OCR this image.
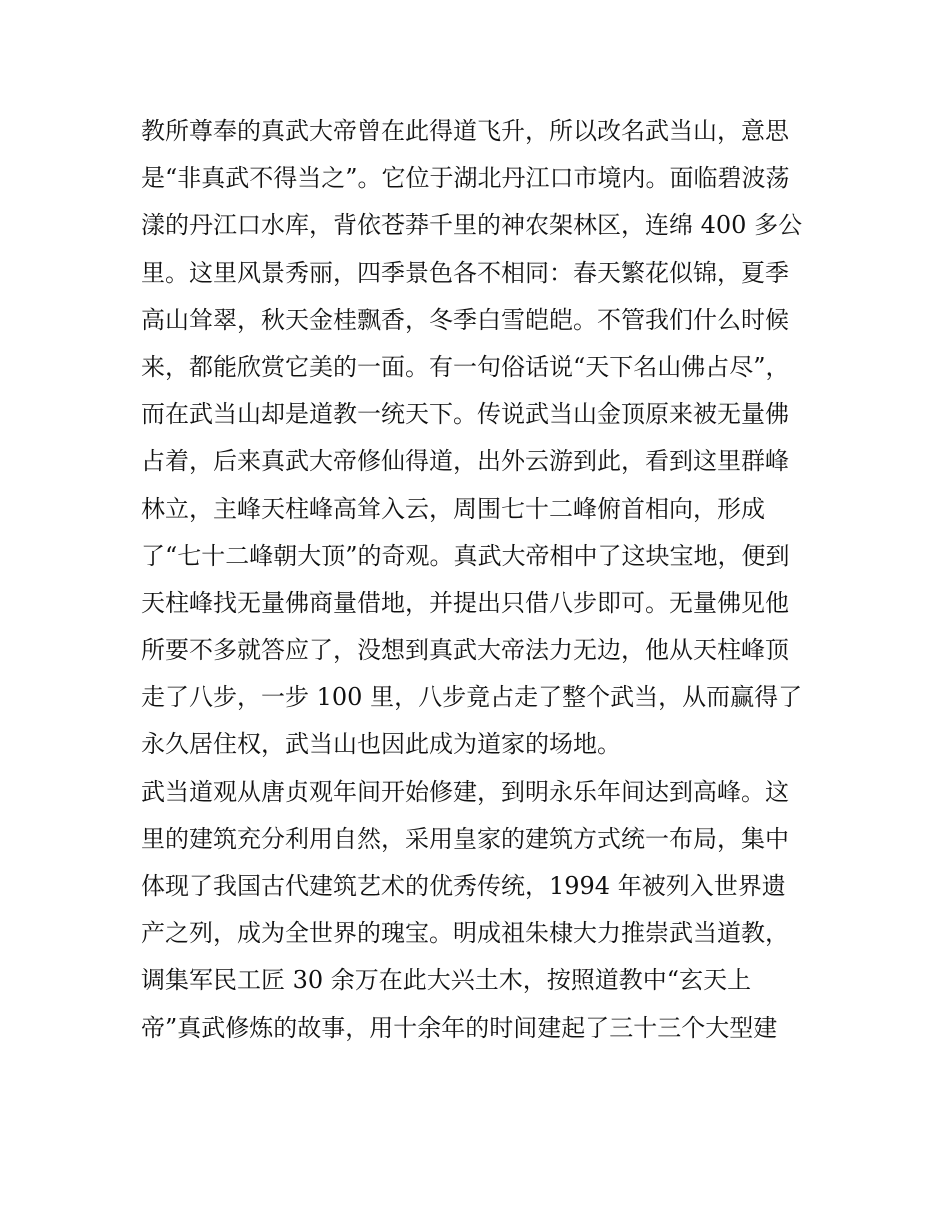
教所尊奉的真武大帝曾在此得道飞升，所以改名武当山，意思
是“非真武不得当之”。它位于湖北丹江口市境内。面临碧波荡
漾的丹江口水库，背依苍莽千里的神农架林区，连绵 400 多公
里。这里风景秀丽，四季景色各不相同：春天繁花似锦，夏季
高山耸翠，秋天金桂飘香，冬季白雪皑皑。不管我们什么时候
来，都能欣赏它美的一面。有一句俗话说“天下名山佛占尽”，
而在武当山却是道教一统天下。传说武当山金顶原来被无量佛
占着，后来真武大帝修仙得道，出外云游到此，看到这里群峰
林立，主峰天柱峰高耸入云，周围七十二峰俯首相向，形成
了“七十二峰朝大顶”的奇观。真武大帝相中了这块宝地，便到
天柱峰找无量佛商量借地，并提出只借八步即可。无量佛见他
所要不多就答应了，没想到真武大帝法力无边，他从天柱峰顶
走了八步，一步 100 里，八步竟占走了整个武当，从而赢得了
永久居住权，武当山也因此成为道家的场地。
武当道观从唐贞观年间开始修建，到明永乐年间达到高峰。这
里的建筑充分利用自然，采用皇家的建筑方式统一布局，集中
体现了我国古代建筑艺术的优秀传统，1994 年被列入世界遗
产之列，成为全世界的瑰宝。明成祖朱棣大力推崇武当道教，
调集军民工匠 30 余万在此大兴土木，按照道教中“玄天上
帝”真武修炼的故事，用十余年的时间建起了三十三个大型建
